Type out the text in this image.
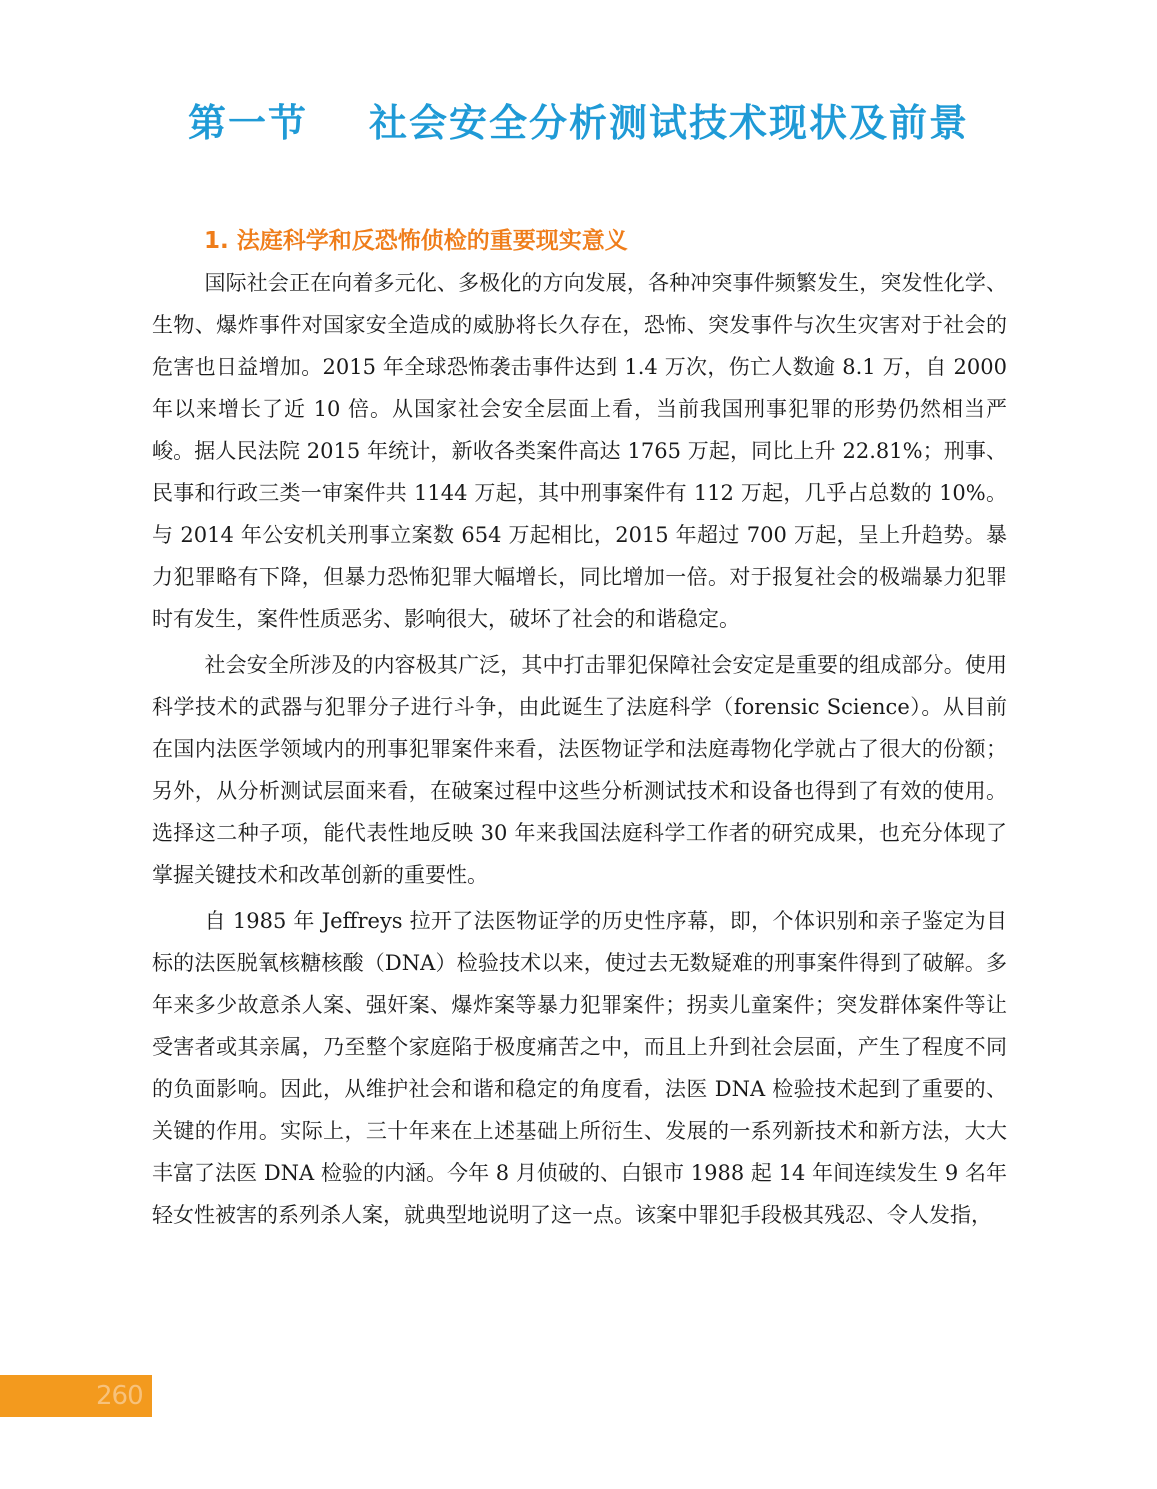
第一节    社会安全分析测试技术现状及前景
1. 法庭科学和反恐怖侦检的重要现实意义

国际社会正在向着多元化、多极化的方向发展，各种冲突事件频繁发生，突发性化学、生物、爆炸事件对国家安全造成的威胁将长久存在，恐怖、突发事件与次生灾害对于社会的危害也日益增加。2015 年全球恐怖袭击事件达到 1.4 万次，伤亡人数逾 8.1 万，自 2000 年以来增长了近 10 倍。从国家社会安全层面上看，当前我国刑事犯罪的形势仍然相当严峻。据人民法院 2015 年统计，新收各类案件高达 1765 万起，同比上升 22.81%；刑事、民事和行政三类一审案件共 1144 万起，其中刑事案件有 112 万起，几乎占总数的 10%。与 2014 年公安机关刑事立案数 654 万起相比，2015 年超过 700 万起，呈上升趋势。暴力犯罪略有下降，但暴力恐怖犯罪大幅增长，同比增加一倍。对于报复社会的极端暴力犯罪时有发生，案件性质恶劣、影响很大，破坏了社会的和谐稳定。

社会安全所涉及的内容极其广泛，其中打击罪犯保障社会安定是重要的组成部分。使用科学技术的武器与犯罪分子进行斗争，由此诞生了法庭科学（forensic Science）。从目前在国内法医学领域内的刑事犯罪案件来看，法医物证学和法庭毒物化学就占了很大的份额；另外，从分析测试层面来看，在破案过程中这些分析测试技术和设备也得到了有效的使用。选择这二种子项，能代表性地反映 30 年来我国法庭科学工作者的研究成果，也充分体现了掌握关键技术和改革创新的重要性。

自 1985 年 Jeffreys 拉开了法医物证学的历史性序幕，即，个体识别和亲子鉴定为目标的法医脱氧核糖核酸（DNA）检验技术以来，使过去无数疑难的刑事案件得到了破解。多年来多少故意杀人案、强奸案、爆炸案等暴力犯罪案件；拐卖儿童案件；突发群体案件等让受害者或其亲属，乃至整个家庭陷于极度痛苦之中，而且上升到社会层面，产生了程度不同的负面影响。因此，从维护社会和谐和稳定的角度看，法医 DNA 检验技术起到了重要的、关键的作用。实际上，三十年来在上述基础上所衍生、发展的一系列新技术和新方法，大大丰富了法医 DNA 检验的内涵。今年 8 月侦破的、白银市 1988 起 14 年间连续发生 9 名年轻女性被害的系列杀人案，就典型地说明了这一点。该案中罪犯手段极其残忍、令人发指，

260
